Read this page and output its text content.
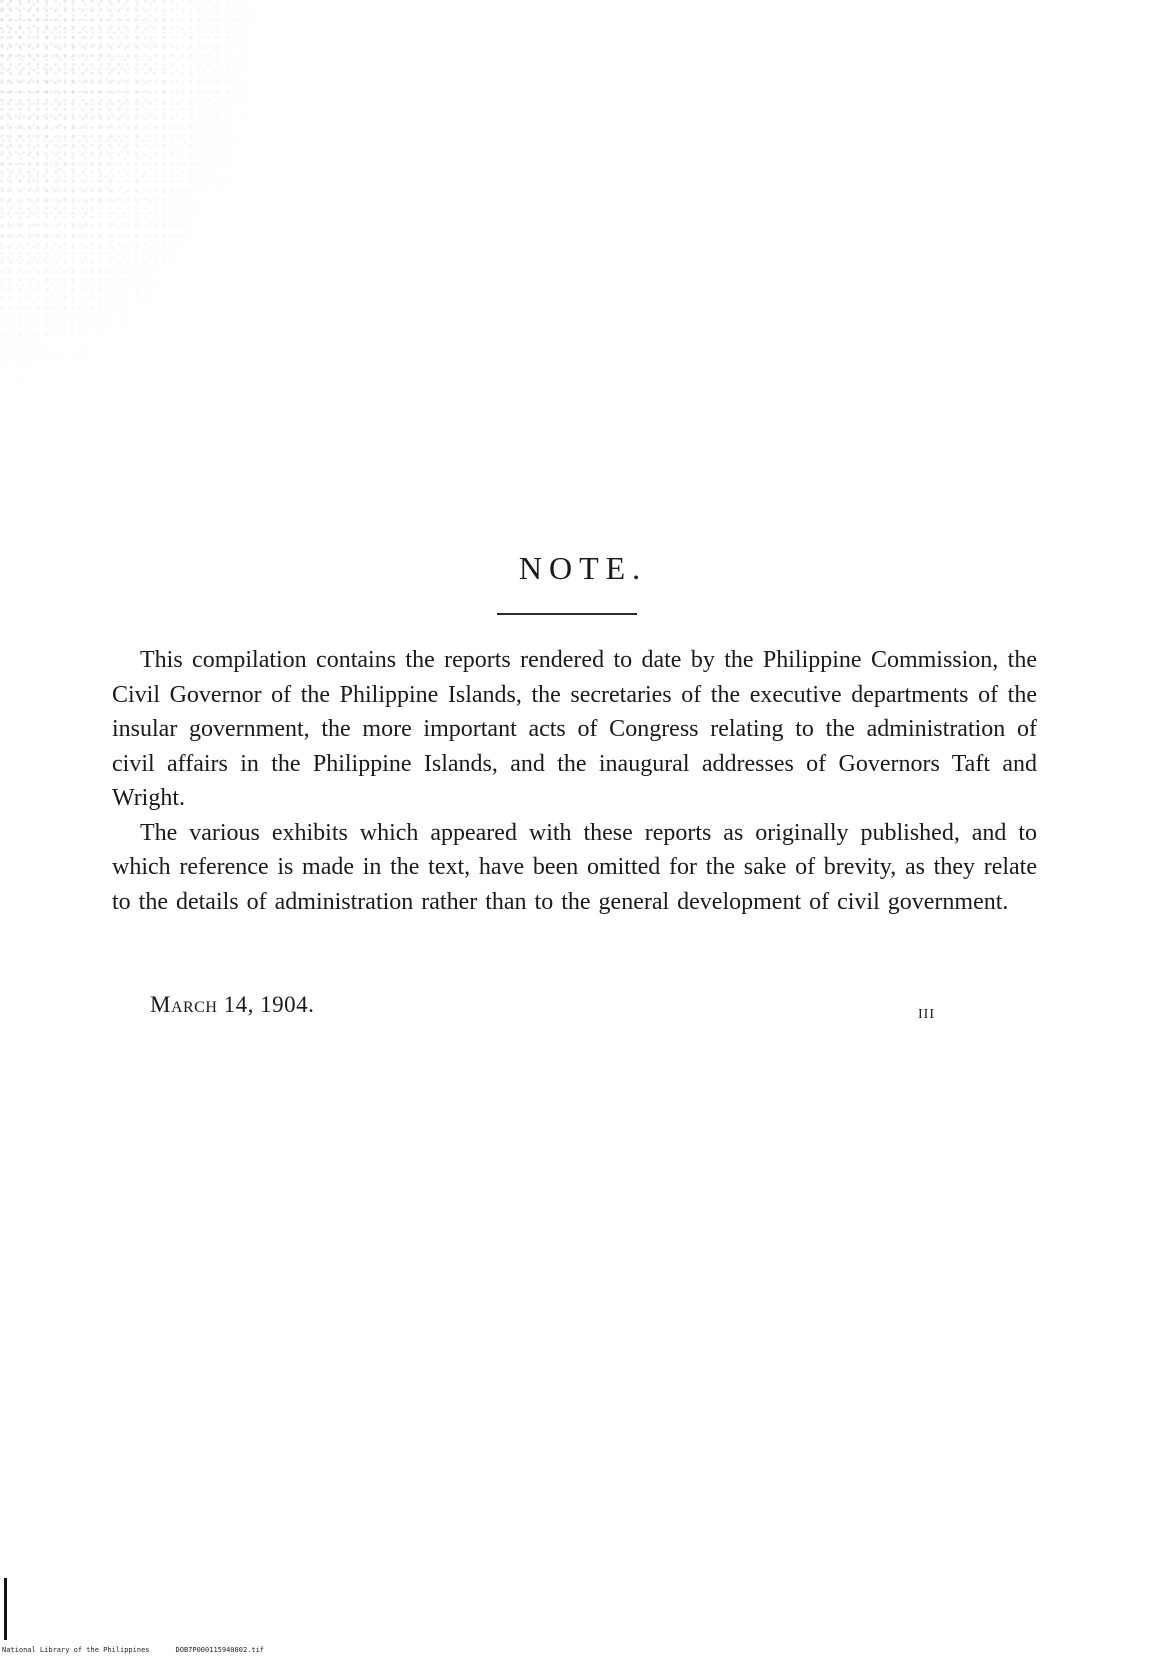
NOTE.

This compilation contains the reports rendered to date by the Philippine Commission, the Civil Governor of the Philippine Islands, the secretaries of the executive departments of the insular government, the more important acts of Congress relating to the administration of civil affairs in the Philippine Islands, and the inaugural addresses of Governors Taft and Wright.

The various exhibits which appeared with these reports as originally published, and to which reference is made in the text, have been omitted for the sake of brevity, as they relate to the details of administration rather than to the general development of civil government.

March 14, 1904.	III
National Library of the Philippines	DOB7P000115940002.tif
